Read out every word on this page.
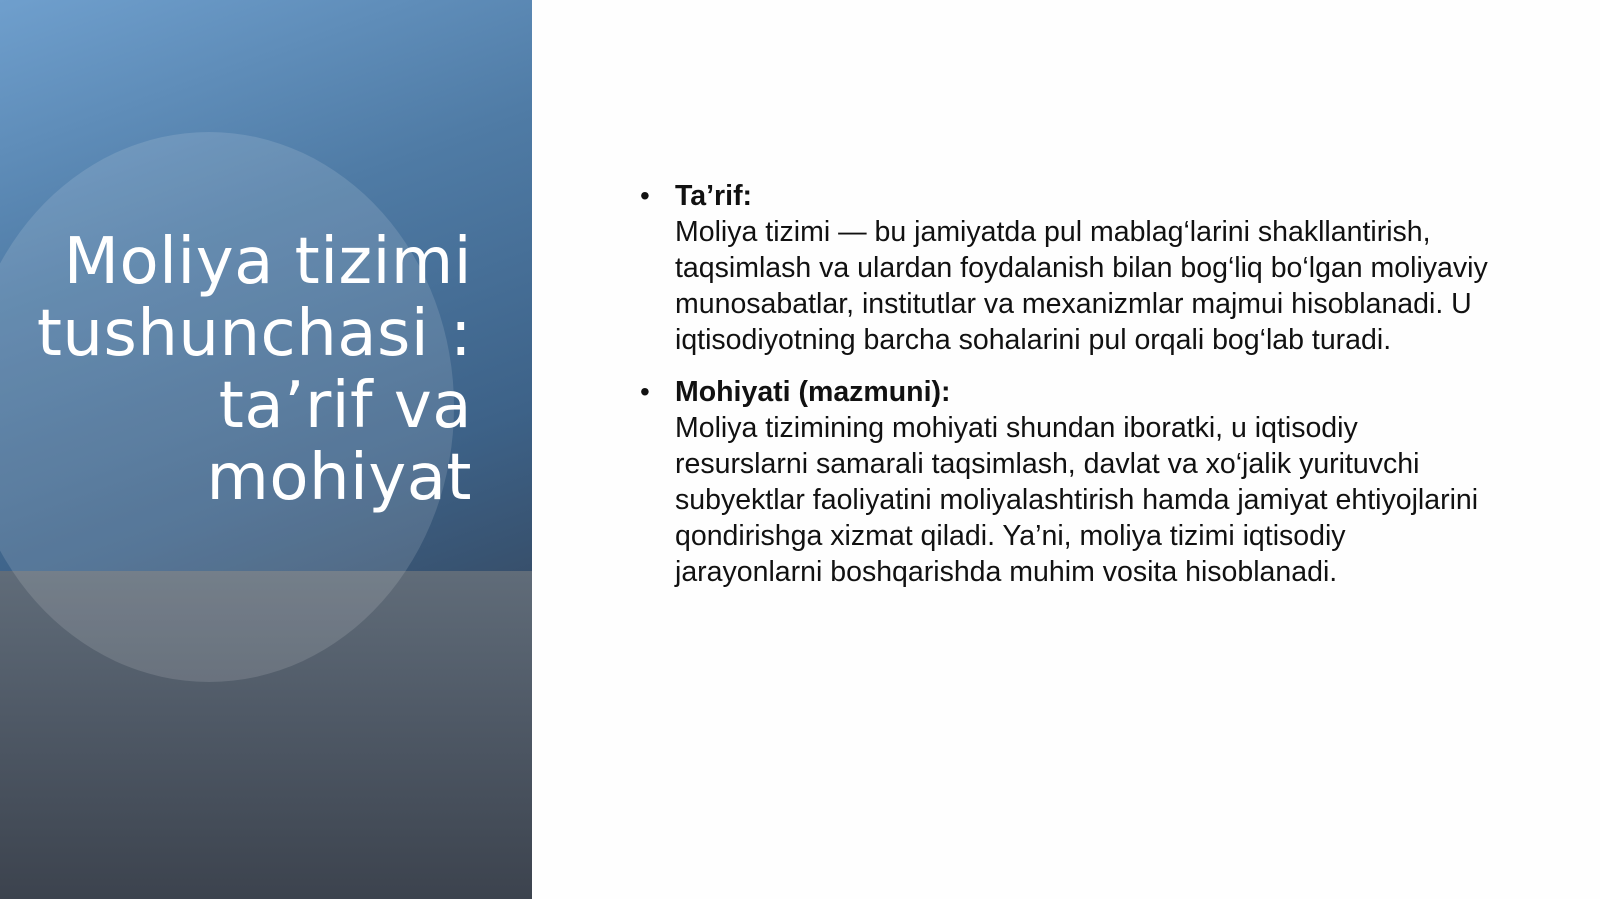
Moliya tizimi tushunchasi : ta’rif va mohiyat
• Ta’rif:
Moliya tizimi — bu jamiyatda pul mablag‘larini shakllantirish, taqsimlash va ulardan foydalanish bilan bog‘liq bo‘lgan moliyaviy munosabatlar, institutlar va mexanizmlar majmui hisoblanadi. U iqtisodiyotning barcha sohalarini pul orqali bog‘lab turadi.
• Mohiyati (mazmuni):
Moliya tizimining mohiyati shundan iboratki, u iqtisodiy resurslarni samarali taqsimlash, davlat va xo‘jalik yurituvchi subyektlar faoliyatini moliyalashtirish hamda jamiyat ehtiyojlarini qondirishga xizmat qiladi. Ya’ni, moliya tizimi iqtisodiy jarayonlarni boshqarishda muhim vosita hisoblanadi.
